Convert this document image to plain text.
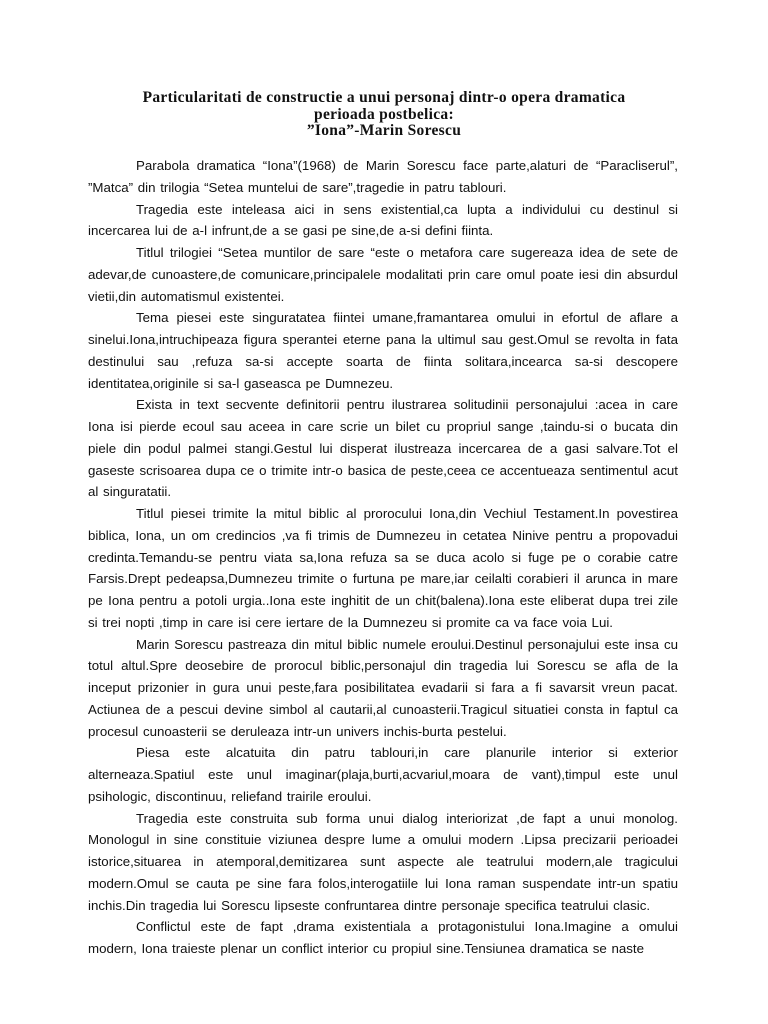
Particularitati de constructie a unui personaj dintr-o opera dramatica
perioada postbelica:
”Iona”-Marin Sorescu

Parabola dramatica “Iona”(1968) de Marin Sorescu face parte,alaturi de “Paracliserul”, ”Matca” din trilogia “Setea muntelui de sare”,tragedie in patru tablouri.

Tragedia este inteleasa aici in sens existential,ca lupta a individului cu destinul si incercarea lui de a-l infrunt,de a se gasi pe sine,de a-si defini fiinta.

Titlul trilogiei “Setea muntilor de sare “este o metafora care sugereaza idea de sete de adevar,de cunoastere,de comunicare,principalele modalitati prin care omul poate iesi din absurdul vietii,din automatismul existentei.

Tema piesei este singuratatea fiintei umane,framantarea omului in efortul de aflare a sinelui.Iona,intruchipeaza figura sperantei eterne pana la ultimul sau gest.Omul se revolta in fata destinului sau ,refuza sa-si accepte soarta de fiinta solitara,incearca sa-si descopere identitatea,originile si sa-l gaseasca pe Dumnezeu.

Exista in text secvente definitorii pentru ilustrarea solitudinii personajului :acea in care Iona isi pierde ecoul sau aceea in care scrie un bilet cu propriul sange ,taindu-si o bucata din piele din podul palmei stangi.Gestul lui disperat ilustreaza incercarea de a gasi salvare.Tot el gaseste scrisoarea dupa ce o trimite intr-o basica de peste,ceea ce accentueaza sentimentul acut al singuratatii.

Titlul piesei trimite la mitul biblic al prorocului Iona,din Vechiul Testament.In povestirea biblica, Iona, un om credincios ,va fi trimis de Dumnezeu in cetatea Ninive pentru a propovadui credinta.Temandu-se pentru viata sa,Iona refuza sa se duca acolo si fuge pe o corabie catre Farsis.Drept pedeapsa,Dumnezeu trimite o furtuna pe mare,iar ceilalti corabieri il arunca in mare pe Iona pentru a potoli urgia..Iona este inghitit de un chit(balena).Iona este eliberat dupa trei zile si trei nopti ,timp in care isi cere iertare de la Dumnezeu si promite ca va face voia Lui.

Marin Sorescu pastreaza din mitul biblic numele eroului.Destinul personajului este insa cu totul altul.Spre deosebire de prorocul biblic,personajul din tragedia lui Sorescu se afla de la inceput prizonier in gura unui peste,fara posibilitatea evadarii si fara a fi savarsit vreun pacat. Actiunea de a pescui devine simbol al cautarii,al cunoasterii.Tragicul situatiei consta in faptul ca procesul cunoasterii se deruleaza intr-un univers inchis-burta pestelui.

Piesa este alcatuita din patru tablouri,in care planurile interior si exterior alterneaza.Spatiul este unul imaginar(plaja,burti,acvariul,moara de vant),timpul este unul psihologic, discontinuu, reliefand trairile eroului.

Tragedia este construita sub forma unui dialog interiorizat ,de fapt a unui monolog. Monologul in sine constituie viziunea despre lume a omului modern .Lipsa precizarii perioadei istorice,situarea in atemporal,demitizarea sunt aspecte ale teatrului modern,ale tragicului modern.Omul se cauta pe sine fara folos,interogatiile lui Iona raman suspendate intr-un spatiu inchis.Din tragedia lui Sorescu lipseste confruntarea dintre personaje specifica teatrului clasic.

Conflictul este de fapt ,drama existentiala a protagonistului Iona.Imagine a omului modern, Iona traieste plenar un conflict interior cu propiul sine.Tensiunea dramatica se naste
